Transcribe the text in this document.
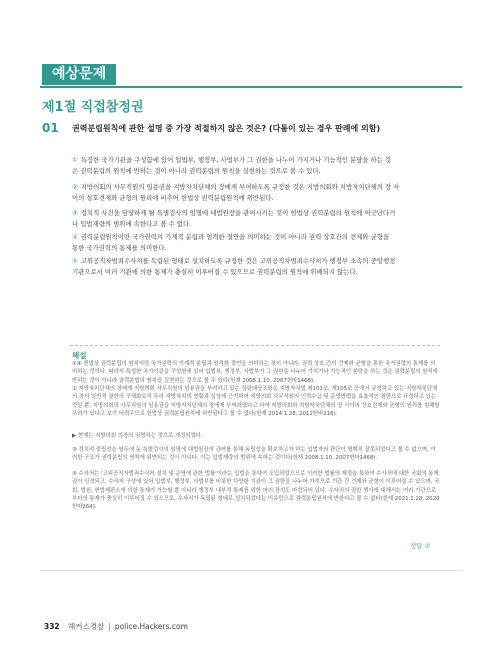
예상문제
제1절 직접참정권
01 권력분립원칙에 관한 설명 중 가장 적절하지 않은 것은? (다툼이 있는 경우 판례에 의함)
① 특정한 국가기관을 구성함에 있어 입법부, 행정부, 사법부가 그 권한을 나누어 가지거나 기능적인 분담을 하는 것
은 권력분립의 원칙에 반하는 것이 아니라 권력분립의 원칙을 실현하는 것으로 볼 수 있다.
② 지방의회의 사무직원의 임용권을 지방자치단체의 장에게 부여하도록 규정한 것은 지방의회와 지방자치단체의 장 사
이의 상호견제와 균형의 원리에 비추어 헌법상 권력분립원칙에 위반된다.
③ 정치적 사건을 담당하게 될 특별검사의 임명에 대법원장을 관여시키는 것이 헌법상 권력분립의 원칙에 어긋난다거
나 입법재량의 범위에 속한다고 볼 수 없다.
④ 권력분립원칙이란 국가권력의 기계적 분립과 엄격한 절연을 의미하는 것이 아니라 권력 상호간의 견제와 균형을
통한 국가권력의 통제를 의미한다.
⑤ 고위공직자범죄수사처를 독립된 형태로 설치하도록 규정한 것은 고위공직자범죄수사처가 행정부 소속의 중앙행정
기관으로서 여러 기관에 의한 통제가 충실히 이루어질 수 있으므로 권력분립의 원칙에 위배되지 않는다.
해설
①④ 헌법상 권력분립의 원칙이란 국가권력의 기계적 분립과 엄격한 절연을 의미하는 것이 아니라, 권력 상호 간의 견제와 균형을 통한 국가권력의 통제를 의미하는 것이다. 따라서 특정한 국가기관을 구성함에 있어 입법부, 행정부, 사법부가 그 권한을 나누어 가지거나 기능적인 분담을 하는 것은 권력분립의 원칙에 반하는 것이 아니라 권력분립의 원칙을 실현하는 것으로 볼 수 있다(헌재 2008.1.10, 2007헌마1468).
② 지방자치단체의 장에게 지방의회 사무직원의 임용권을 부여하고 있는 심판대상조항은 지방자치법 제101조, 제105조 등에서 규정하고 있는 지방자치단체의 장의 일반적 권한의 구체화로서 우리 지방자치의 현황과 실상에 근거하여 지방의회 사무직원의 인력수급 및 운영방법을 효율적인 권한으로 규정하고 있는 것일 뿐, 지방의회의 사무직원의 임용권을 지방자치단체의 장에게 부여하였다고 하여 지방의회와 지방자치단체의 장 사이의 상호견제와 균형의 원리를 침해할 우려가 있다고 보기 어려우므로 헌법상 권력분립원칙에 위반된다고 볼 수 없다(헌재 2014.1.28, 2012헌바216).
▶ 현재는 지방의회 의장의 임명하는 것으로 개정되었다.
③ 정치적 중립성을 염두에 둔 특별검사의 임명에 대법원장의 관여를 통해 독립성을 확보하고자 하는 입법자의 판단이 명백히 잘못되었다고 볼 수 없으며, 이러한 구조가 권력분립의 원칙에 위반되는 것이 아니다. 이는 입법재량의 범위에 속하는 것이다(헌재 2008.1.10, 2007헌마1468).
⑤ 수사처는 '고위공직자범죄수사처 설치 및 운영에 관한 법률'이라는 입법을 통하여 도입되었으므로 이러한 법률의 제정을 통하여 수사처에 대한 국회의 통제권이 인정되고, 수사처 구성에 있어 입법부, 행정부, 사법부를 비롯한 다양한 기관이 그 권한을 나누어 가지므로 기관 간 견제와 균형이 이루어질 수 있으며, 국회, 법원, 헌법재판소에 의한 통제가 가능할 뿐 아니라 행정부 내부적 통제를 위한 여러 장치도 마련되어 있다. 수사처의 권한 행사에 대해서는 여러 기관으로부터의 통제가 충실히 이루어질 수 있으므로, 수사처가 독립된 형태로 설치되었다는 이유만으로 권력분립원칙에 반한다고 볼 수 없다(헌재 2021.1.28, 2020헌마264).
정답 ②
332 해커스경찰 | police.Hackers.com
